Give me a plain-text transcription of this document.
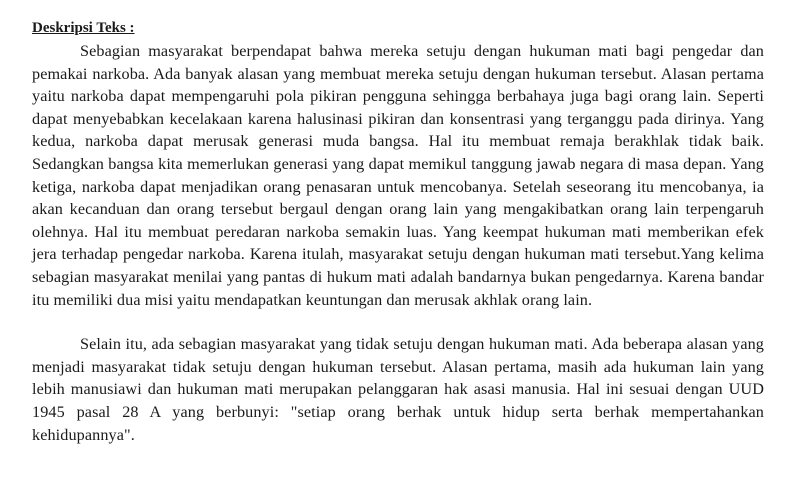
Deskripsi Teks :

Sebagian masyarakat berpendapat bahwa mereka setuju dengan hukuman mati bagi pengedar dan pemakai narkoba. Ada banyak alasan yang membuat mereka setuju dengan hukuman tersebut. Alasan pertama yaitu narkoba dapat mempengaruhi pola pikiran pengguna sehingga berbahaya juga bagi orang lain. Seperti dapat menyebabkan kecelakaan karena halusinasi pikiran dan konsentrasi yang terganggu pada dirinya. Yang kedua, narkoba dapat merusak generasi muda bangsa. Hal itu membuat remaja berakhlak tidak baik. Sedangkan bangsa kita memerlukan generasi yang dapat memikul tanggung jawab negara di masa depan. Yang ketiga, narkoba dapat menjadikan orang penasaran untuk mencobanya. Setelah seseorang itu mencobanya, ia akan kecanduan dan orang tersebut bergaul dengan orang lain yang mengakibatkan orang lain terpengaruh olehnya. Hal itu membuat peredaran narkoba semakin luas. Yang keempat hukuman mati memberikan efek jera terhadap pengedar narkoba. Karena itulah, masyarakat setuju dengan hukuman mati tersebut.Yang kelima sebagian masyarakat menilai yang pantas di hukum mati adalah bandarnya bukan pengedarnya. Karena bandar itu memiliki dua misi yaitu mendapatkan keuntungan dan merusak akhlak orang lain.

Selain itu, ada sebagian masyarakat yang tidak setuju dengan hukuman mati. Ada beberapa alasan yang menjadi masyarakat tidak setuju dengan hukuman tersebut. Alasan pertama, masih ada hukuman lain yang lebih manusiawi dan hukuman mati merupakan pelanggaran hak asasi manusia. Hal ini sesuai dengan UUD 1945 pasal 28 A yang berbunyi: "setiap orang berhak untuk hidup serta berhak mempertahankan kehidupannya".
